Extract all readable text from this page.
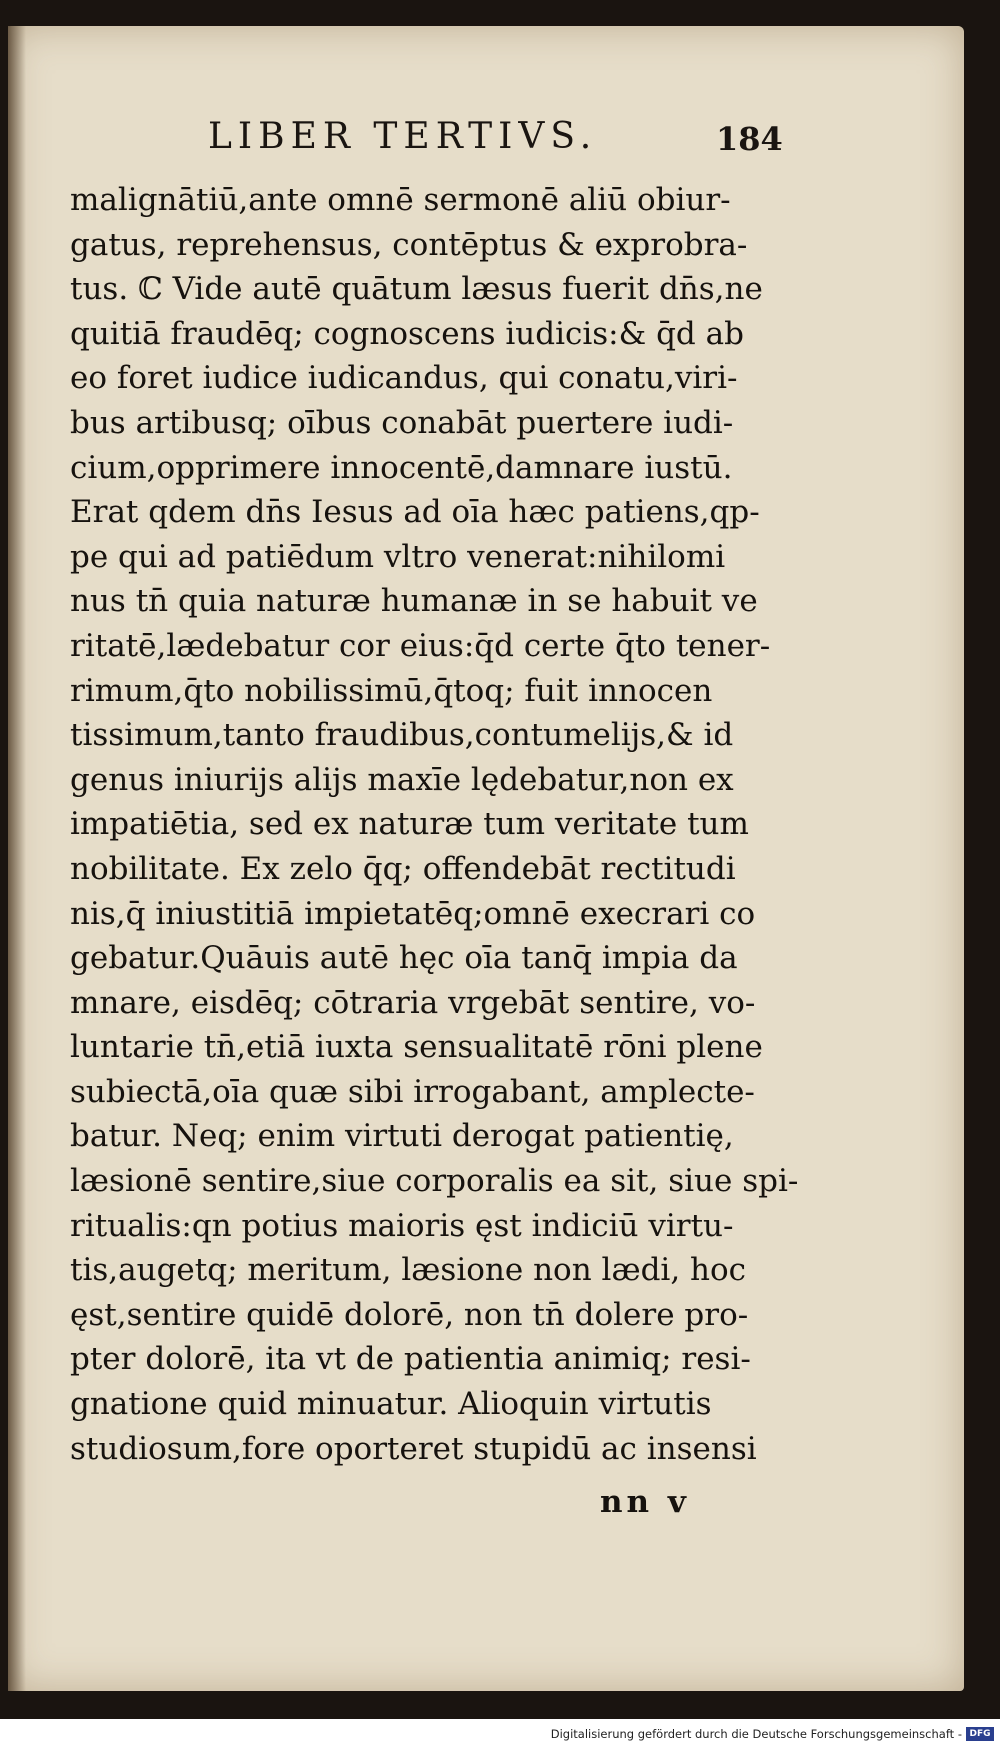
LIBER TERTIVS.	184
malignātiū,ante omnē sermonē aliū obiur-
gatus, reprehensus, contēptus & exprobra-
tus. ℂ Vide autē quātum læsus fuerit dn̄s,ne
quitiā fraudēq; cognoscens iudicis:& q̄d ab
eo foret iudice iudicandus, qui conatu,viri-
bus artibusq; oībus conabāt puertere iudi-
cium,opprimere innocentē,damnare iustū.
Erat qdem dn̄s Iesus ad oīa hæc patiens,qp-
pe qui ad patiēdum vltro venerat:nihilomi
nus tn̄ quia naturæ humanæ in se habuit ve
ritatē,lædebatur cor eius:q̄d certe q̄to tener-
rimum,q̄to nobilissimū,q̄toq; fuit innocen
tissimum,tanto fraudibus,contumelijs,& id
genus iniurijs alijs maxīe lędebatur,non ex
impatiētia, sed ex naturæ tum veritate tum
nobilitate. Ex zelo q̄q; offendebāt rectitudi
nis,q̄ iniustitiā impietatēq;omnē execrari co
gebatur.Quāuis autē hęc oīa tanq̄ impia da
mnare, eisdēq; cōtraria vrgebāt sentire, vo-
luntarie tn̄,etiā iuxta sensualitatē rōni plene
subiectā,oīa quæ sibi irrogabant, amplecte-
batur. Neq; enim virtuti derogat patientię,
læsionē sentire,siue corporalis ea sit, siue spi-
ritualis:qn potius maioris ęst indiciū virtu-
tis,augetq; meritum, læsione non lædi, hoc
ęst,sentire quidē dolorē, non tn̄ dolere pro-
pter dolorē, ita vt de patientia animiq; resi-
gnatione quid minuatur. Alioquin virtutis
studiosum,fore oporteret stupidū ac insensi
nn v
Digitalisierung gefördert durch die Deutsche Forschungsgemeinschaft - DFG
